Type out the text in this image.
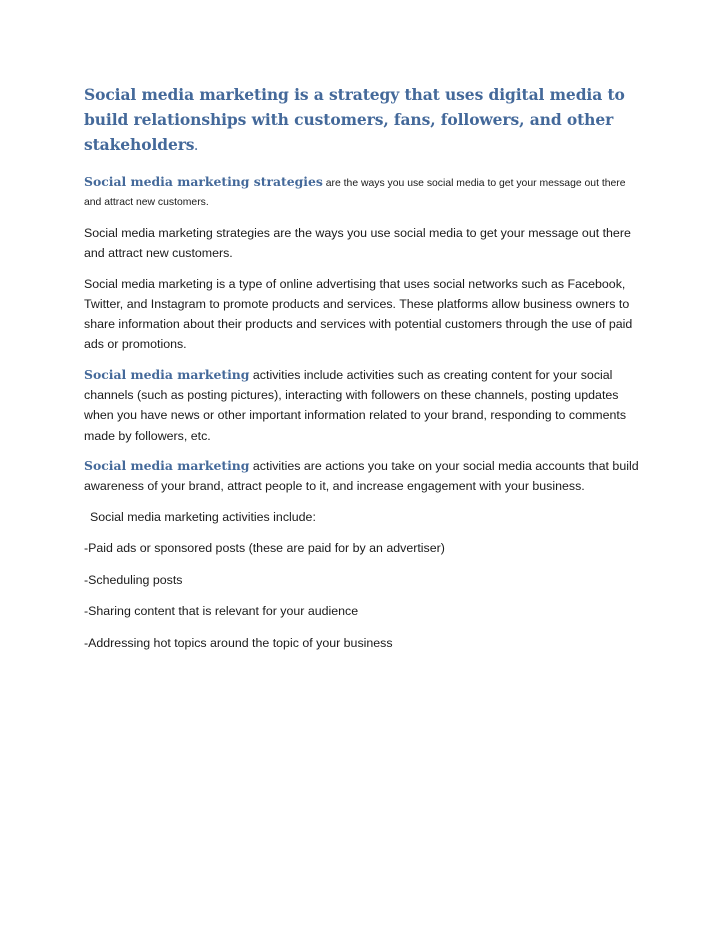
Social media marketing is a strategy that uses digital media to build relationships with customers, fans, followers, and other stakeholders.

Social media marketing strategies are the ways you use social media to get your message out there and attract new customers.

Social media marketing strategies are the ways you use social media to get your message out there and attract new customers.

Social media marketing is a type of online advertising that uses social networks such as Facebook, Twitter, and Instagram to promote products and services. These platforms allow business owners to share information about their products and services with potential customers through the use of paid ads or promotions.

Social media marketing activities include activities such as creating content for your social channels (such as posting pictures), interacting with followers on these channels, posting updates when you have news or other important information related to your brand, responding to comments made by followers, etc.

Social media marketing activities are actions you take on your social media accounts that build awareness of your brand, attract people to it, and increase engagement with your business.

Social media marketing activities include:

-Paid ads or sponsored posts (these are paid for by an advertiser)

-Scheduling posts

-Sharing content that is relevant for your audience

-Addressing hot topics around the topic of your business
